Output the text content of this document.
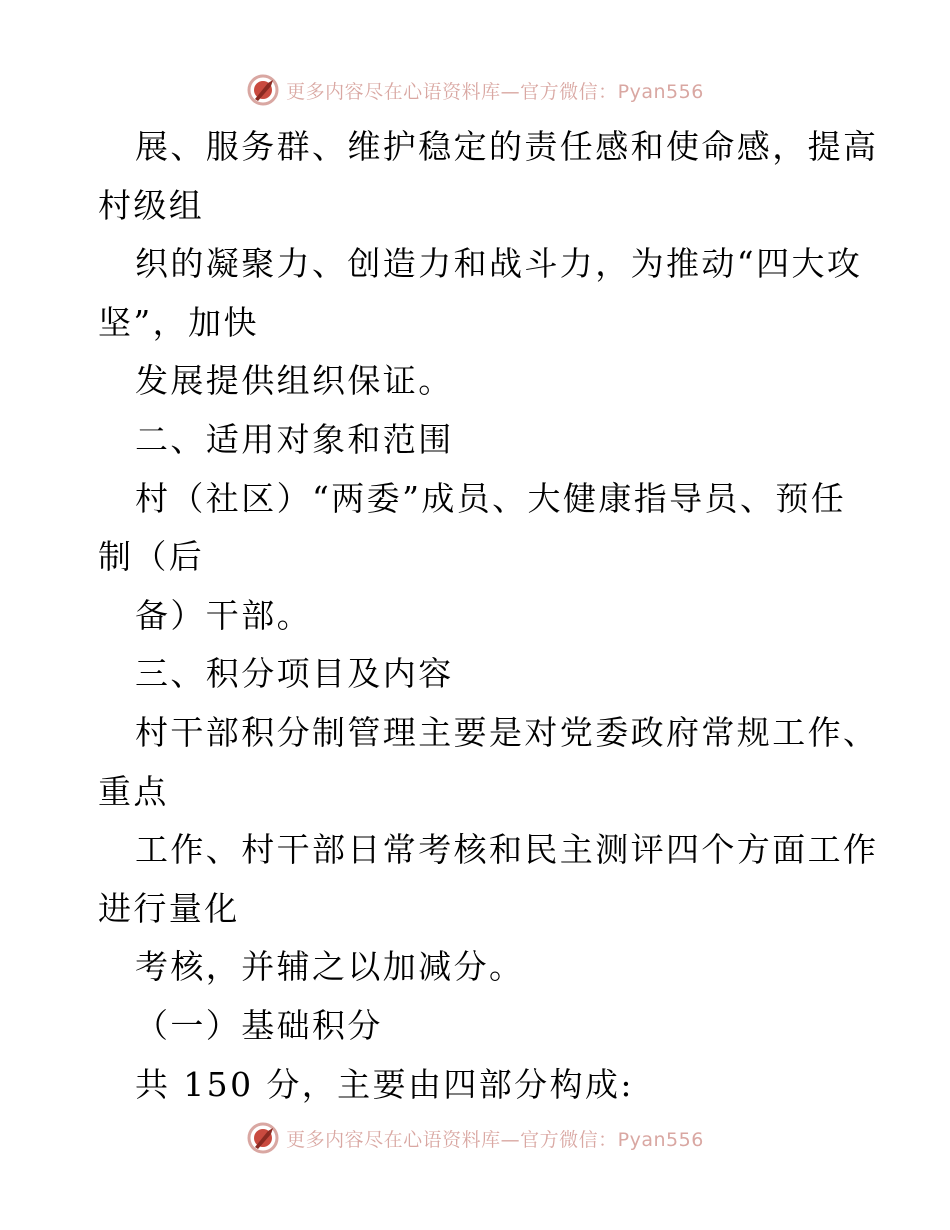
更多内容尽在心语资料库—官方微信：Pyan556
展、服务群、维护稳定的责任感和使命感，提高
村级组
织的凝聚力、创造力和战斗力，为推动“四大攻
坚”，加快
发展提供组织保证。
二、适用对象和范围
村（社区）“两委”成员、大健康指导员、预任
制（后
备）干部。
三、积分项目及内容
村干部积分制管理主要是对党委政府常规工作、
重点
工作、村干部日常考核和民主测评四个方面工作
进行量化
考核，并辅之以加减分。
（一）基础积分
共 150 分，主要由四部分构成:
更多内容尽在心语资料库—官方微信：Pyan556
